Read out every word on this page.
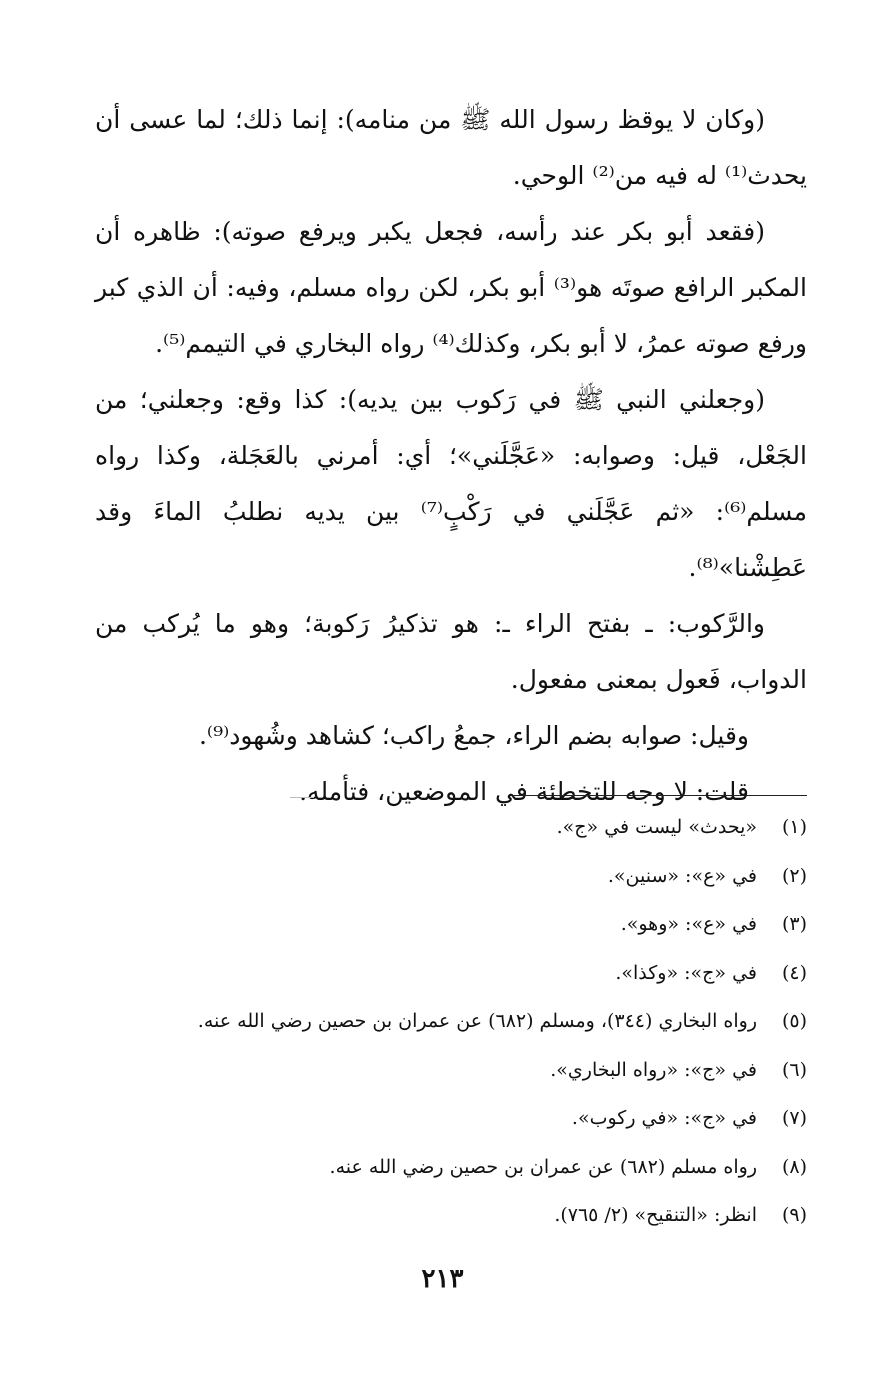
(وكان لا يوقظ رسول الله ﷺ من منامه): إنما ذلك؛ لما عسى أن يحدث⁽¹⁾ له فيه من⁽²⁾ الوحي.

(فقعد أبو بكر عند رأسه، فجعل يكبر ويرفع صوته): ظاهره أن المكبر الرافع صوتَه هو⁽³⁾ أبو بكر، لكن رواه مسلم، وفيه: أن الذي كبر ورفع صوته عمرُ، لا أبو بكر، وكذلك⁽⁴⁾ رواه البخاري في التيمم⁽⁵⁾.

(وجعلني النبي ﷺ في رَكوب بين يديه): كذا وقع: وجعلني؛ من الجَعْل، قيل: وصوابه: «عَجَّلَني»؛ أي: أمرني بالعَجَلة، وكذا رواه مسلم⁽⁶⁾: «ثم عَجَّلَني في رَكْبٍ⁽⁷⁾ بين يديه نطلبُ الماءَ وقد عَطِشْنا»⁽⁸⁾.

والرَّكوب: ـ بفتح الراء ـ: هو تذكيرُ رَكوبة؛ وهو ما يُركب من الدواب، فَعول بمعنى مفعول.

وقيل: صوابه بضم الراء، جمعُ راكب؛ كشاهد وشُهود⁽⁹⁾.

قلت: لا وجه للتخطئة في الموضعين، فتأمله.

(١)
«يحدث» ليست في «ج».
(٢)
في «ع»: «سنين».
(٣)
في «ع»: «وهو».
(٤)
في «ج»: «وكذا».
(٥)
رواه البخاري (٣٤٤)، ومسلم (٦٨٢) عن عمران بن حصين رضي الله عنه.
(٦)
في «ج»: «رواه البخاري».
(٧)
في «ج»: «في ركوب».
(٨)
رواه مسلم (٦٨٢) عن عمران بن حصين رضي الله عنه.
(٩)
انظر: «التنقيح» (٢/ ٧٦٥).
٢١٣
